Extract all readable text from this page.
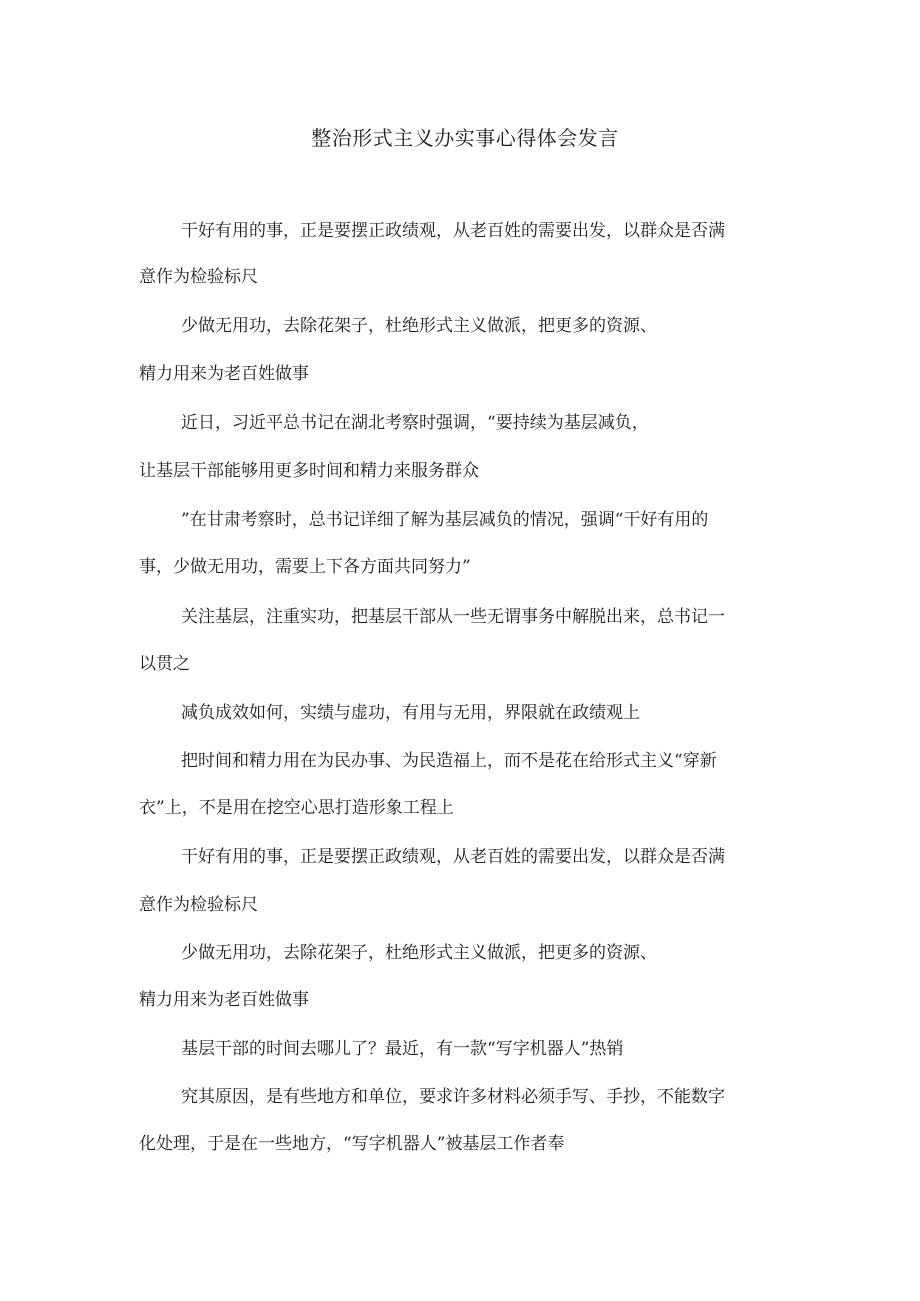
整治形式主义办实事心得体会发言
干好有用的事，正是要摆正政绩观，从老百姓的需要出发，以群众是否满
意作为检验标尺
少做无用功，去除花架子，杜绝形式主义做派，把更多的资源、
精力用来为老百姓做事
近日，习近平总书记在湖北考察时强调，“要持续为基层减负，
让基层干部能够用更多时间和精力来服务群众
”在甘肃考察时，总书记详细了解为基层减负的情况，强调“干好有用的
事，少做无用功，需要上下各方面共同努力”
关注基层，注重实功，把基层干部从一些无谓事务中解脱出来，总书记一
以贯之
减负成效如何，实绩与虚功，有用与无用，界限就在政绩观上
把时间和精力用在为民办事、为民造福上，而不是花在给形式主义“穿新
衣”上，不是用在挖空心思打造形象工程上
干好有用的事，正是要摆正政绩观，从老百姓的需要出发，以群众是否满
意作为检验标尺
少做无用功，去除花架子，杜绝形式主义做派，把更多的资源、
精力用来为老百姓做事
基层干部的时间去哪儿了？最近，有一款“写字机器人”热销
究其原因，是有些地方和单位，要求许多材料必须手写、手抄，不能数字
化处理，于是在一些地方，“写字机器人”被基层工作者奉
